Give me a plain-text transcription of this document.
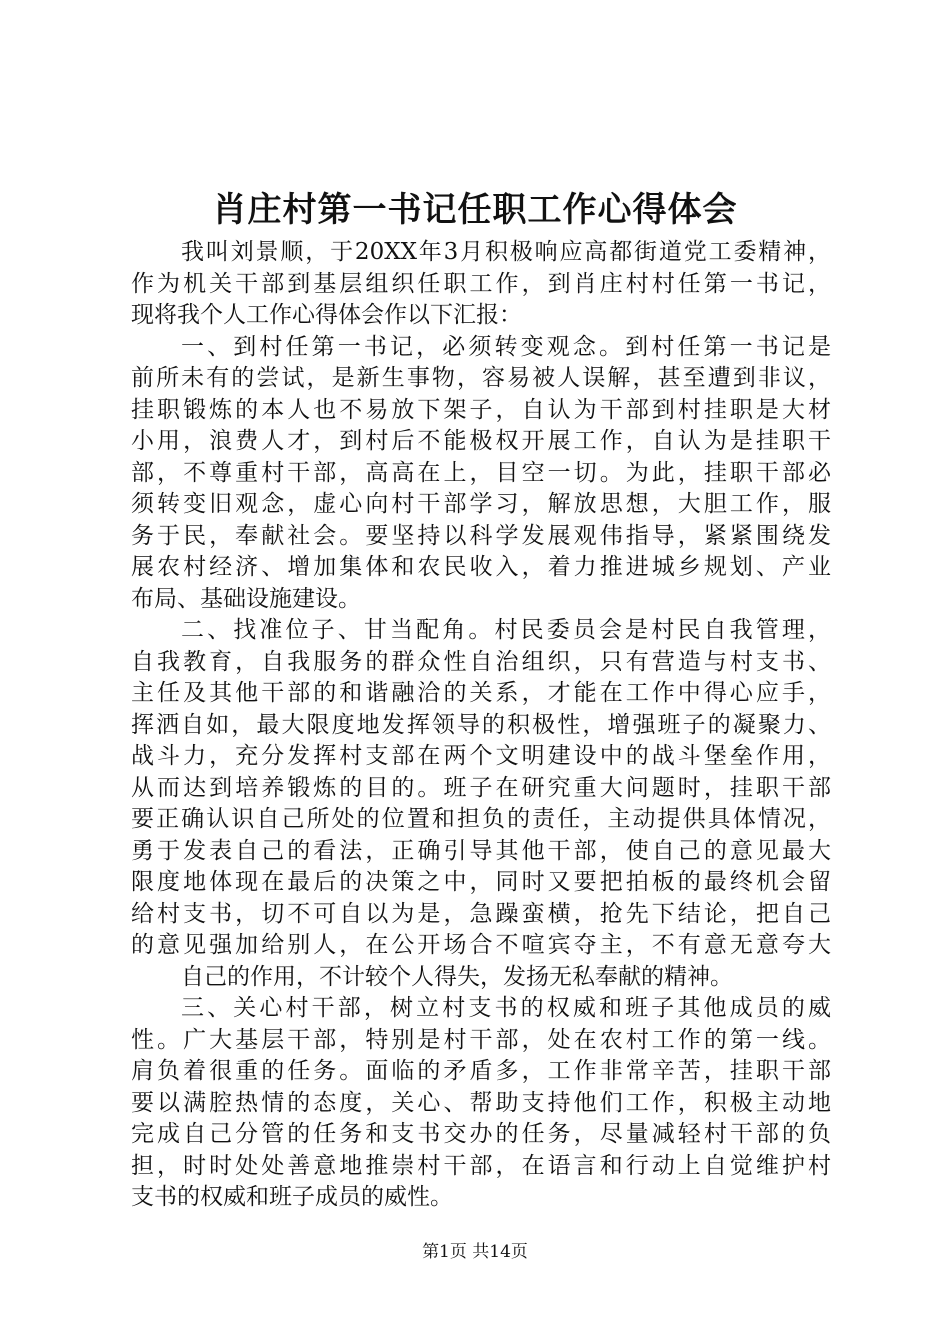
肖庄村第一书记任职工作心得体会
我叫刘景顺，于20XX年3月积极响应高都街道党工委精神，
作为机关干部到基层组织任职工作，到肖庄村村任第一书记，
现将我个人工作心得体会作以下汇报：
一、到村任第一书记，必须转变观念。到村任第一书记是
前所未有的尝试，是新生事物，容易被人误解，甚至遭到非议，
挂职锻炼的本人也不易放下架子，自认为干部到村挂职是大材
小用，浪费人才，到村后不能极权开展工作，自认为是挂职干
部，不尊重村干部，高高在上，目空一切。为此，挂职干部必
须转变旧观念，虚心向村干部学习，解放思想，大胆工作，服
务于民，奉献社会。要坚持以科学发展观伟指导，紧紧围绕发
展农村经济、增加集体和农民收入，着力推进城乡规划、产业
布局、基础设施建设。
二、找准位子、甘当配角。村民委员会是村民自我管理，
自我教育，自我服务的群众性自治组织，只有营造与村支书、
主任及其他干部的和谐融洽的关系，才能在工作中得心应手，
挥洒自如，最大限度地发挥领导的积极性，增强班子的凝聚力、
战斗力，充分发挥村支部在两个文明建设中的战斗堡垒作用，
从而达到培养锻炼的目的。班子在研究重大问题时，挂职干部
要正确认识自己所处的位置和担负的责任，主动提供具体情况，
勇于发表自己的看法，正确引导其他干部，使自己的意见最大
限度地体现在最后的决策之中，同时又要把拍板的最终机会留
给村支书，切不可自以为是，急躁蛮横，抢先下结论，把自己
的意见强加给别人，在公开场合不喧宾夺主，不有意无意夸大
自己的作用，不计较个人得失，发扬无私奉献的精神。
三、关心村干部，树立村支书的权威和班子其他成员的威
性。广大基层干部，特别是村干部，处在农村工作的第一线。
肩负着很重的任务。面临的矛盾多，工作非常辛苦，挂职干部
要以满腔热情的态度，关心、帮助支持他们工作，积极主动地
完成自己分管的任务和支书交办的任务，尽量减轻村干部的负
担，时时处处善意地推崇村干部，在语言和行动上自觉维护村
支书的权威和班子成员的威性。
第1页 共14页
